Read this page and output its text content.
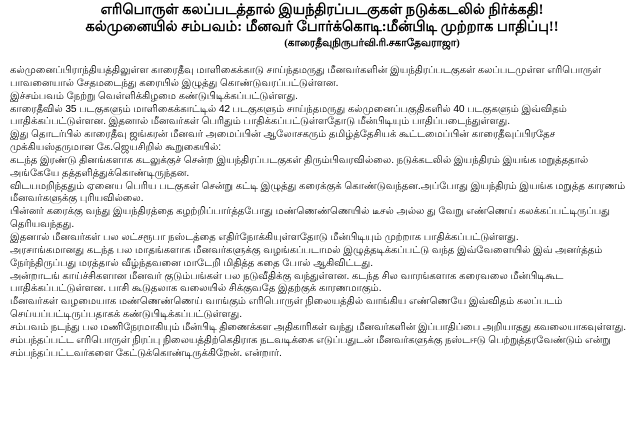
எரிபொருள் கலப்படத்தால் இயந்திரப்படகுகள் நடுக்கடலில் நிர்க்கதி!
கல்முனையில் சம்பவம்: மீனவர் போர்க்கொடி:மீன்பிடி முற்றாக பாதிப்பு!!
(காரைதீவுநிருபர்வி.ரி.சகாதேவராஜா)

கல்முனைப்பிராந்தியத்திலுள்ள காரைதீவு மாளிகைக்காடு சாய்ந்தமருது மீனவர்களின் இயந்திரப்படகுகள் கலப்படமுள்ள எரிபொருள் பாவனையால் சேதமடைந்து கரையில் இழுத்து கொண்டுவரப்பட்டுள்ளன.

இச்சம்பவம் நேற்று வெள்ளிக்கிழமை கண்டுபிடிக்கப்பட்டுள்ளது.

காரைதீவில் 35 படகுகளும் மாளிகைக்காட்டில் 42 படகுகளும் சாய்ந்தமருது கல்முனைப்பகுதிகளில் 40 படகுகளும் இவ்விதம் பாதிக்கப்பட்டுள்ளன. இதனால் மீனவர்கள் பெரிதும் பாதிக்கப்பட்டுள்ளதோடு மீன்பிடியும் பாதிப்படைந்துள்ளது.

இது தொடர்பில் காரைதீவு ஜங்கரன் மீனவர் அமைப்பின் ஆலோசகரும் தமிழ்த்தேசியக் கூட்டமைப்பின் காரைதீவுப்பிரதேச முக்கியஸ்தருமான கே.ஜெயசிறில் கூறுகையில்:

கடந்த இரண்டு தினங்களாக கடலுக்குச் சென்ற இயந்திரப்படகுகள் திரும்பிவரவில்லை. நடுக்கடலில் இயந்திரம் இயங்க மறுத்ததால் அங்கேயே தத்தளித்துக்கொண்டிருந்தன.

விடயமறிந்ததும் ஏனைய பெரிய படகுகள் சென்று கட்டி இழுத்து கரைக்குக் கொண்டுவந்தன.அப்போது இயந்திரம் இயங்க மறுத்த காரணம் மீனவர்களுக்கு புரியவில்லை.

பின்னர் கரைக்கு வந்து இயந்திரத்தை கழற்றிப்பார்த்தபோது மண்ணெண்ணெயில் டீசல் அல்ல து வேறு எண்ணெய் கலக்கப்பட்டிருப்பது தெரியவந்தது.

இதனால் மீனவர்கள் பல லட்சரூபா நஸ்டத்தை எதிர்நோக்கியுள்ளதோடு மீன்பிடியும் முற்றாக பாதிக்கப்பட்டுள்ளது.

அரசாங்கமானது கடந்த பல மாதங்களாக மீனவர்களுக்கு வழங்கப்படாமல் இழுத்தடிக்கப்பட்டு வந்த இவ்வேளையில் இவ் அனர்த்தம் நேர்ந்திருப்பது மரத்தால் வீழ்ந்தவனை மாடேறி மிதித்த கதை போல் ஆகிவிட்டது.

அன்றாடங் காய்ச்சிகளான மீனவர் குடும்பங்கள் பல நடுவீதிக்கு வந்துள்ளன. கடந்த சில வாரங்களாக கரைவலை மீன்பிடிகூட பாதிக்கப்பட்டுள்ளன. பாசி கூடுதலாக வலையில் சிக்குவதே இதற்குக் காரணமாகும்.

மீனவர்கள் வழமையாக மண்ணெண்ணெய் வாங்கும் எரிபொருள் நிலையத்தில் வாங்கிய எண்ணெயே இவ்விதம் கலப்படம் செய்யப்பட்டிருப்பதாகக் கண்டுபிடிக்கப்பட்டுள்ளது.

சம்பவம் நடந்து பல மணிநேரமாகியும் மீன்பிடி திணைக்கள அதிகாரிகள் வந்து மீனவர்களின் இப்பாதிப்பை அறியாதது கவலையாகவுள்ளது. சம்பந்தப்பட்ட எரிபொருள் நிரப்பு நிலையத்திற்கெதிராக நடவடிக்கை எடுப்பதுடன் மீனவர்களுக்கு நஸ்டஈடு பெற்றுத்தரவேண்டும் என்று சம்பந்தப்பட்டவர்களை கேட்டுக்கொண்டிருக்கிறேன். என்றார்.
